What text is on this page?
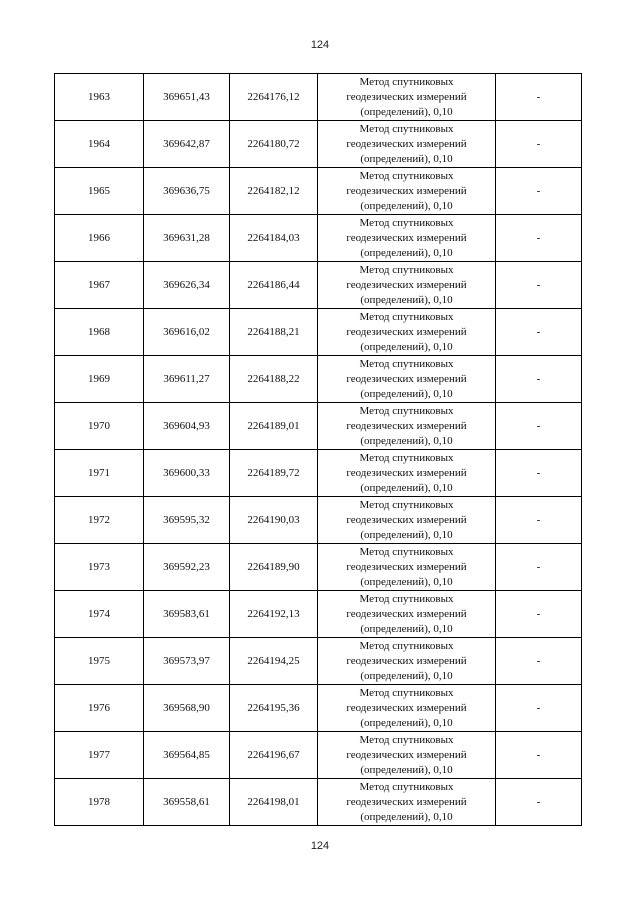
124
1963	369651,43	2264176,12	Метод спутниковых
геодезических измерений
(определений), 0,10	-
1964	369642,87	2264180,72	Метод спутниковых
геодезических измерений
(определений), 0,10	-
1965	369636,75	2264182,12	Метод спутниковых
геодезических измерений
(определений), 0,10	-
1966	369631,28	2264184,03	Метод спутниковых
геодезических измерений
(определений), 0,10	-
1967	369626,34	2264186,44	Метод спутниковых
геодезических измерений
(определений), 0,10	-
1968	369616,02	2264188,21	Метод спутниковых
геодезических измерений
(определений), 0,10	-
1969	369611,27	2264188,22	Метод спутниковых
геодезических измерений
(определений), 0,10	-
1970	369604,93	2264189,01	Метод спутниковых
геодезических измерений
(определений), 0,10	-
1971	369600,33	2264189,72	Метод спутниковых
геодезических измерений
(определений), 0,10	-
1972	369595,32	2264190,03	Метод спутниковых
геодезических измерений
(определений), 0,10	-
1973	369592,23	2264189,90	Метод спутниковых
геодезических измерений
(определений), 0,10	-
1974	369583,61	2264192,13	Метод спутниковых
геодезических измерений
(определений), 0,10	-
1975	369573,97	2264194,25	Метод спутниковых
геодезических измерений
(определений), 0,10	-
1976	369568,90	2264195,36	Метод спутниковых
геодезических измерений
(определений), 0,10	-
1977	369564,85	2264196,67	Метод спутниковых
геодезических измерений
(определений), 0,10	-
1978	369558,61	2264198,01	Метод спутниковых
геодезических измерений
(определений), 0,10	-
124
